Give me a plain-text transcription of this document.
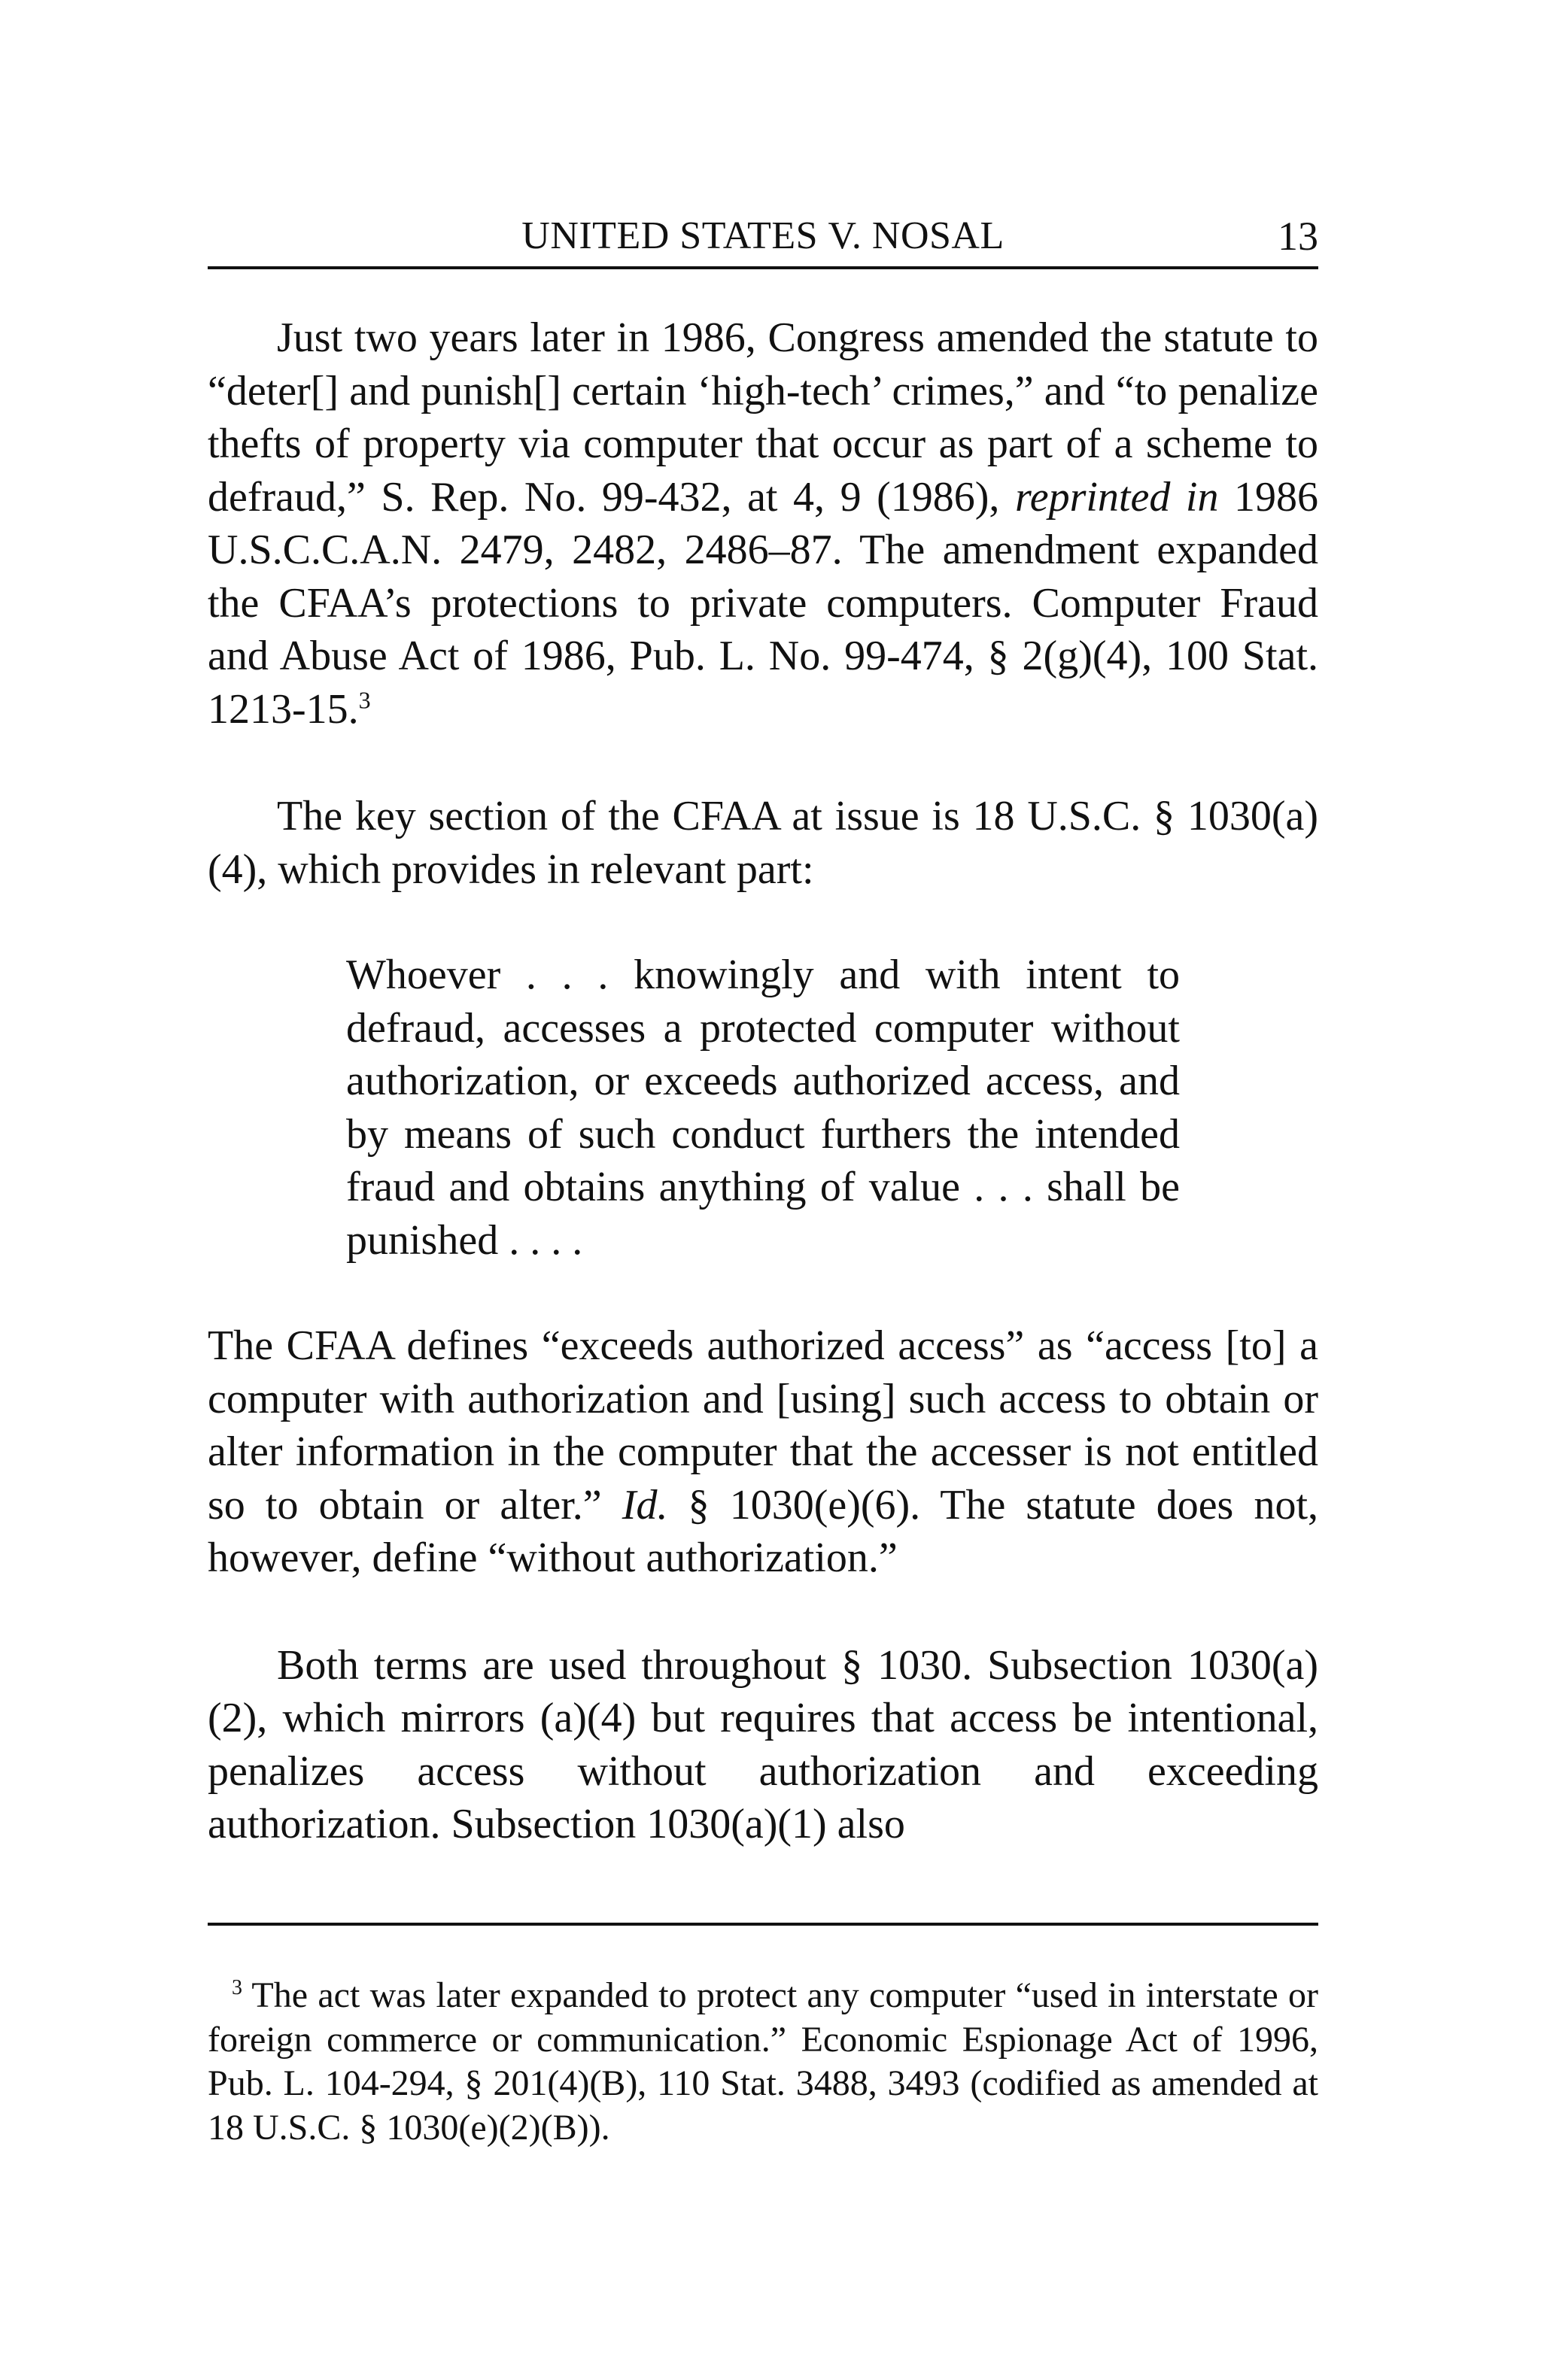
UNITED STATES V. NOSAL	13

Just two years later in 1986, Congress amended the statute to “deter[] and punish[] certain ‘high-tech’ crimes,” and “to penalize thefts of property via computer that occur as part of a scheme to defraud,” S. Rep. No. 99-432, at 4, 9 (1986), reprinted in 1986 U.S.C.C.A.N. 2479, 2482, 2486–87. The amendment expanded the CFAA’s protections to private computers. Computer Fraud and Abuse Act of 1986, Pub. L. No. 99-474, § 2(g)(4), 100 Stat. 1213-15.$^3$

The key section of the CFAA at issue is 18 U.S.C. § 1030(a)(4), which provides in relevant part:

Whoever . . . knowingly and with intent to defraud, accesses a protected computer without authorization, or exceeds authorized access, and by means of such conduct furthers the intended fraud and obtains anything of value . . . shall be punished . . . .

The CFAA defines “exceeds authorized access” as “access [to] a computer with authorization and [using] such access to obtain or alter information in the computer that the accesser is not entitled so to obtain or alter.” Id. § 1030(e)(6). The statute does not, however, define “without authorization.”

Both terms are used throughout § 1030. Subsection 1030(a)(2), which mirrors (a)(4) but requires that access be intentional, penalizes access without authorization and exceeding authorization. Subsection 1030(a)(1) also

$^3$ The act was later expanded to protect any computer “used in interstate or foreign commerce or communication.” Economic Espionage Act of 1996, Pub. L. 104-294, § 201(4)(B), 110 Stat. 3488, 3493 (codified as amended at 18 U.S.C. § 1030(e)(2)(B)).
